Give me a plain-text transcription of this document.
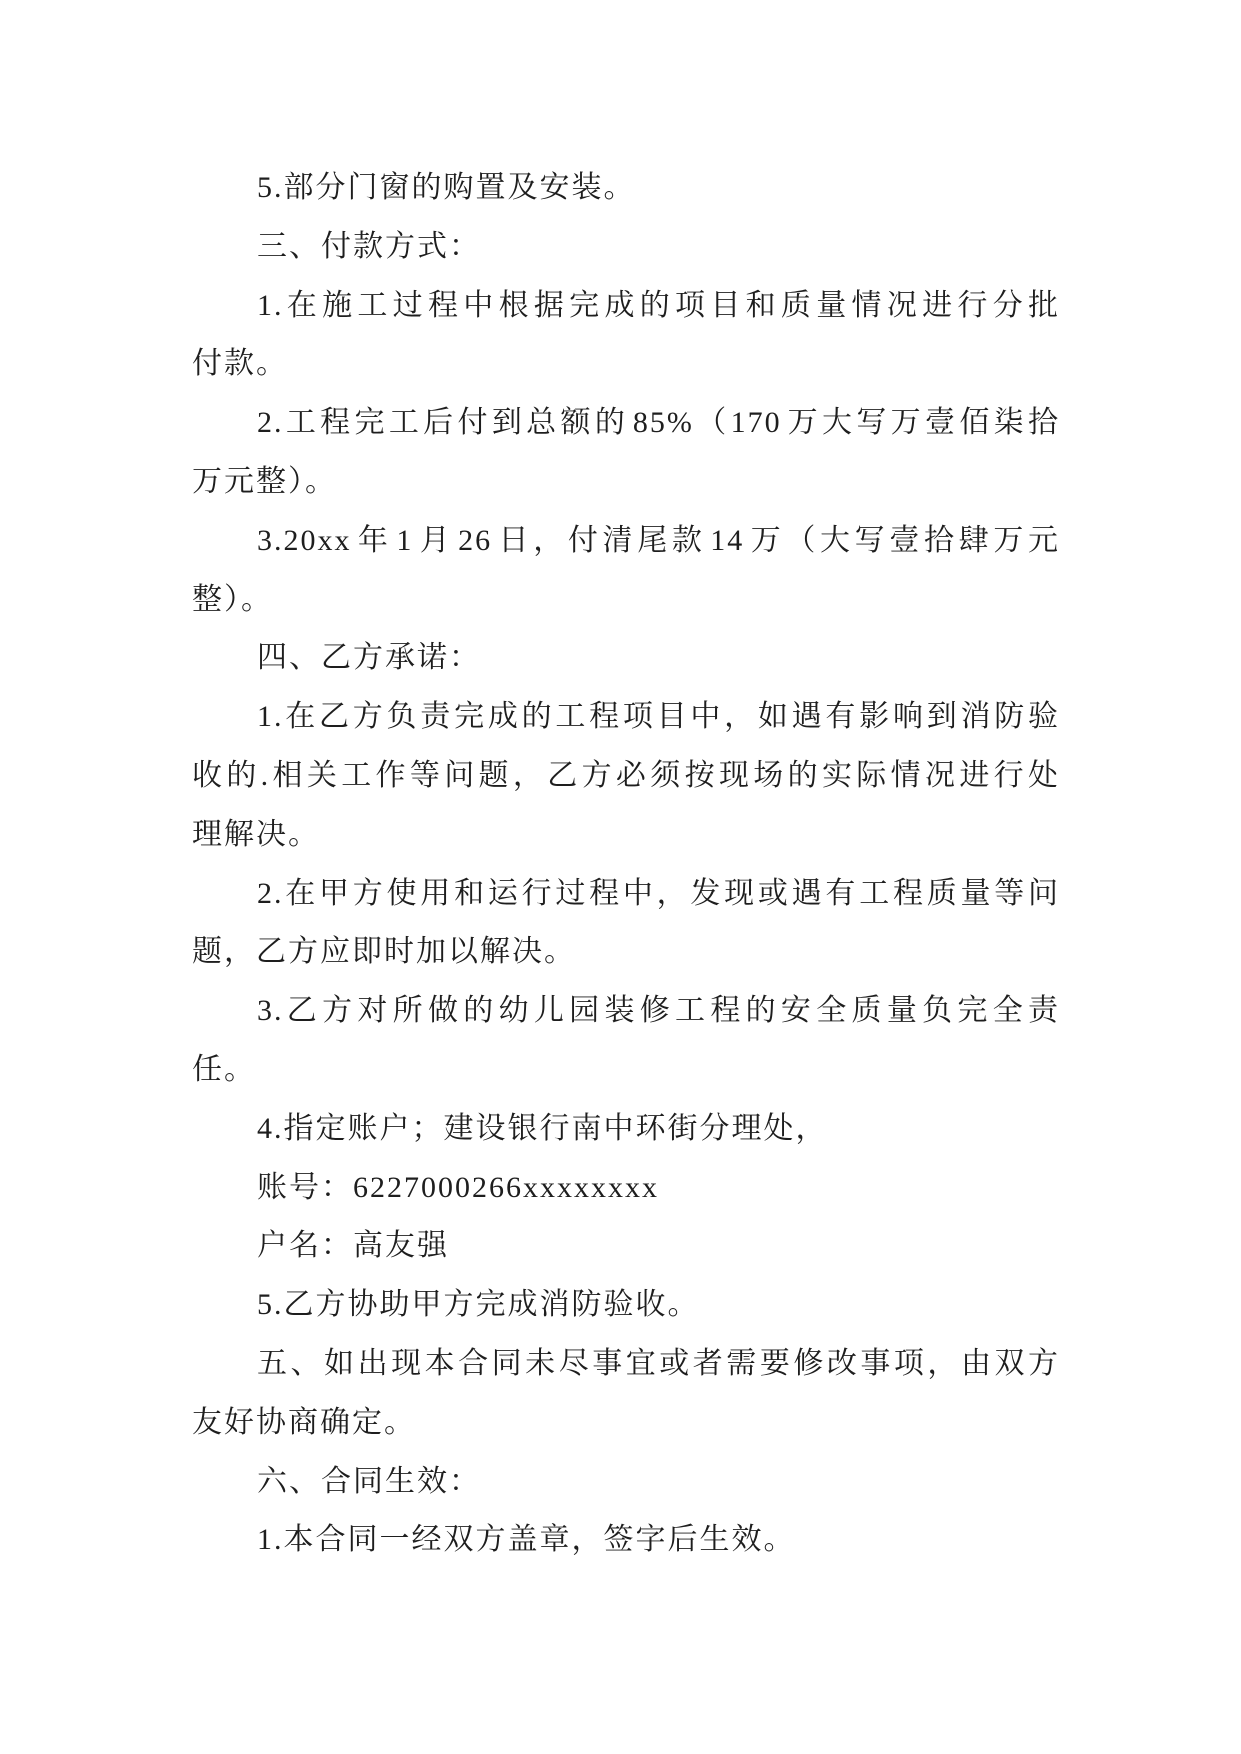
5.部分门窗的购置及安装。
三、付款方式：
1.在施工过程中根据完成的项目和质量情况进行分批
付款。
2.工程完工后付到总额的85%（170万大写万壹佰柒拾
万元整）。
3.20xx年1月26日，付清尾款14万（大写壹拾肆万元
整）。
四、乙方承诺：
1.在乙方负责完成的工程项目中，如遇有影响到消防验
收的.相关工作等问题，乙方必须按现场的实际情况进行处
理解决。
2.在甲方使用和运行过程中，发现或遇有工程质量等问
题，乙方应即时加以解决。
3.乙方对所做的幼儿园装修工程的安全质量负完全责
任。
4.指定账户；建设银行南中环街分理处，
账号：6227000266xxxxxxxx
户名：高友强
5.乙方协助甲方完成消防验收。
五、如出现本合同未尽事宜或者需要修改事项，由双方
友好协商确定。
六、合同生效：
1.本合同一经双方盖章，签字后生效。
